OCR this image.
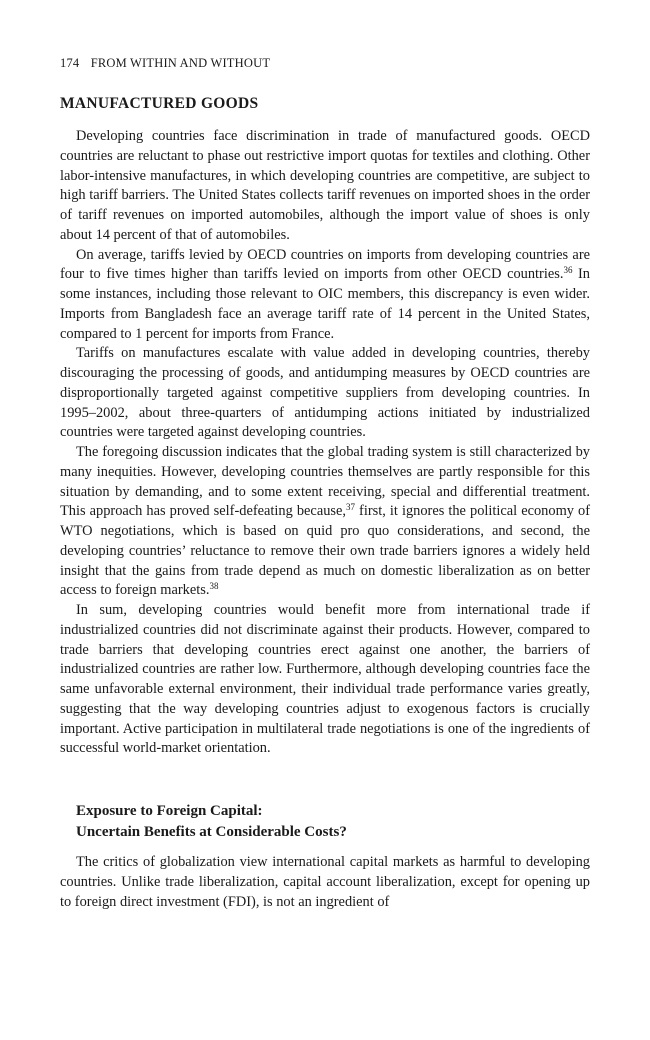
174 FROM WITHIN AND WITHOUT
MANUFACTURED GOODS

Developing countries face discrimination in trade of manufactured goods. OECD countries are reluctant to phase out restrictive import quotas for textiles and clothing. Other labor-intensive manufactures, in which developing countries are competitive, are subject to high tariff barriers. The United States collects tariff revenues on imported shoes in the order of tariff revenues on imported automobiles, although the import value of shoes is only about 14 percent of that of automobiles.

On average, tariffs levied by OECD countries on imports from developing countries are four to five times higher than tariffs levied on imports from other OECD countries.$^{36}$ In some instances, including those relevant to OIC members, this discrepancy is even wider. Imports from Bangladesh face an average tariff rate of 14 percent in the United States, compared to 1 percent for imports from France.

Tariffs on manufactures escalate with value added in developing countries, thereby discouraging the processing of goods, and antidumping measures by OECD countries are disproportionally targeted against competitive suppliers from developing countries. In 1995–2002, about three-quarters of antidumping actions initiated by industrialized countries were targeted against developing countries.

The foregoing discussion indicates that the global trading system is still characterized by many inequities. However, developing countries themselves are partly responsible for this situation by demanding, and to some extent receiving, special and differential treatment. This approach has proved self-defeating because,$^{37}$ first, it ignores the political economy of WTO negotiations, which is based on quid pro quo considerations, and second, the developing countries’ reluctance to remove their own trade barriers ignores a widely held insight that the gains from trade depend as much on domestic liberalization as on better access to foreign markets.$^{38}$

In sum, developing countries would benefit more from international trade if industrialized countries did not discriminate against their products. However, compared to trade barriers that developing countries erect against one another, the barriers of industrialized countries are rather low. Furthermore, although developing countries face the same unfavorable external environment, their individual trade performance varies greatly, suggesting that the way developing countries adjust to exogenous factors is crucially important. Active participation in multilateral trade negotiations is one of the ingredients of successful world-market orientation.

Exposure to Foreign Capital:
Uncertain Benefits at Considerable Costs?

The critics of globalization view international capital markets as harmful to developing countries. Unlike trade liberalization, capital account liberalization, except for opening up to foreign direct investment (FDI), is not an ingredient of
